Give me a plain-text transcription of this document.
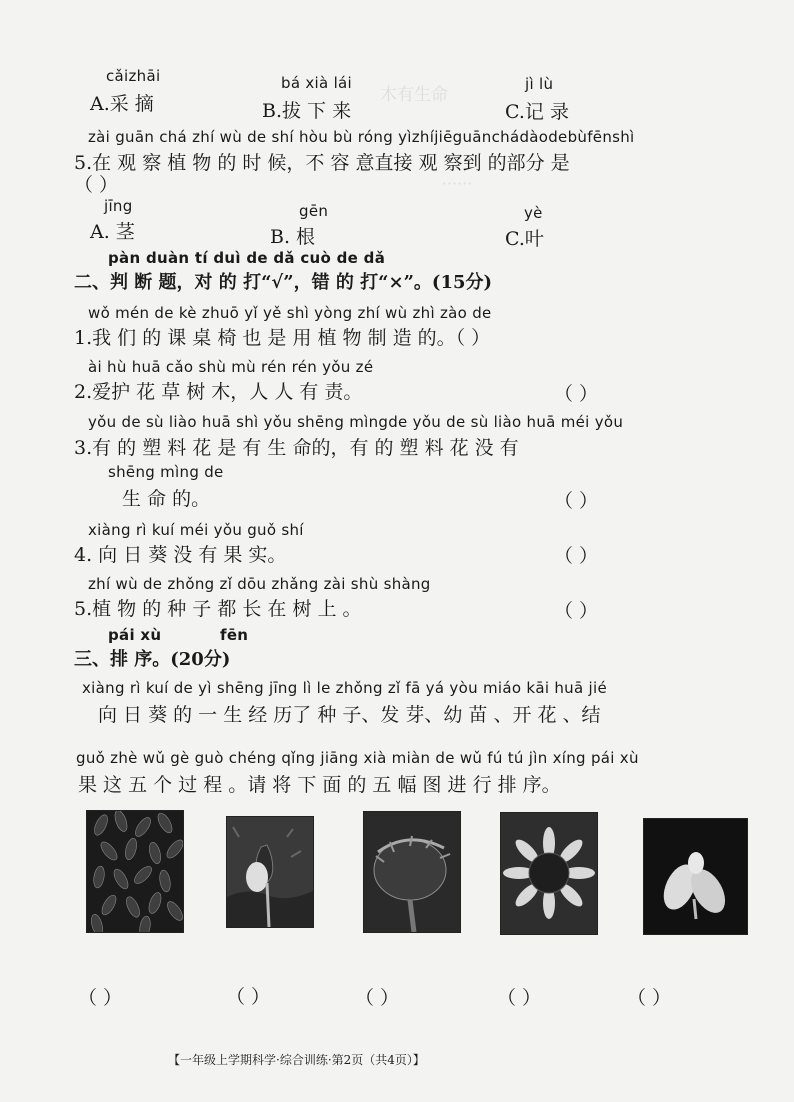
木有生命
……
cǎizhāi
A.采 摘
bá xià lái
B.拔 下 来
jì lù
C.记 录
zài guān chá zhí wù de shí hòu bù róng yìzhíjiēguānchádàodebùfēnshì
5.在 观 察 植 物 的 时 候，不 容 意直接 观 察到 的部分 是
（ ）
jīng
A. 茎
gēn
B. 根
yè
C.叶
pàn duàn tí duì de dǎ cuò de dǎ
二、判 断 题，对 的 打“√”，错 的 打“×”。(15分)
wǒ mén de kè zhuō yǐ yě shì yòng zhí wù zhì zào de
1.我 们 的 课 桌 椅 也 是 用 植 物 制 造 的。（ ）
ài hù huā cǎo shù mù rén rén yǒu zé
2.爱护 花 草 树 木，人 人 有 责。	（ ）
yǒu de sù liào huā shì yǒu shēng mìngde yǒu de sù liào huā méi yǒu
3.有 的 塑 料 花 是 有 生 命的，有 的 塑 料 花 没 有
shēng mìng de
生 命 的。	（ ）
xiàng rì kuí méi yǒu guǒ shí
4. 向 日 葵 没 有 果 实。	（ ）
zhí wù de zhǒng zǐ dōu zhǎng zài shù shàng
5.植 物 的 种 子 都 长 在 树 上 。	（ ）
pái xù	fēn
三、排 序。(20分)
xiàng rì kuí de yì shēng jīng lì le zhǒng zǐ fā yá yòu miáo kāi huā jié
向 日 葵 的 一 生 经 历了 种 子、发 芽、幼 苗 、开 花 、结
guǒ zhè wǔ gè guò chéng qǐng jiāng xià miàn de wǔ fú tú jìn xíng pái xù
果 这 五 个 过 程 。请 将 下 面 的 五 幅 图 进 行 排 序。
（ ）	（ ）	（ ）	（ ）	（ ）
【一年级上学期科学·综合训练·第2页（共4页）】
